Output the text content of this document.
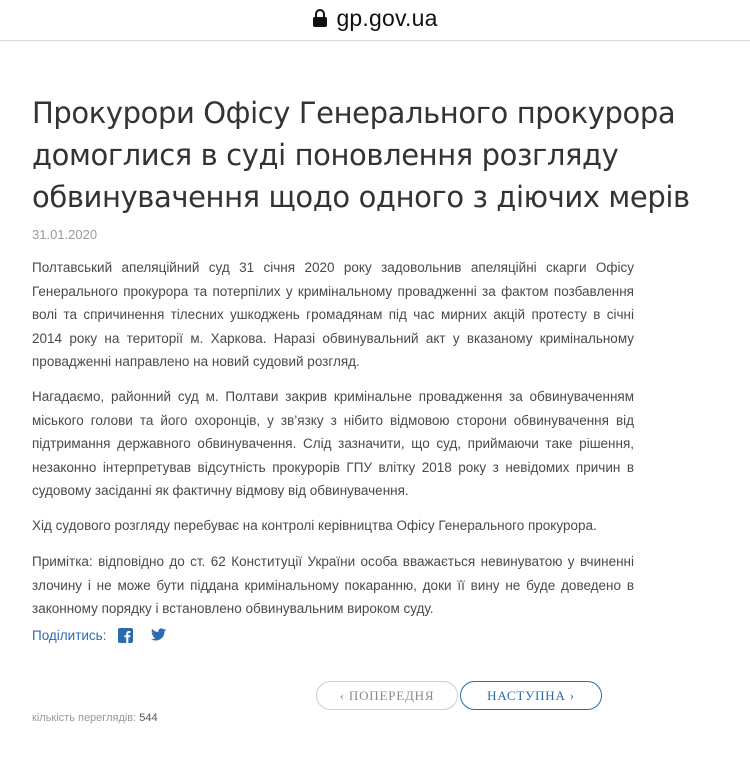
gp.gov.ua
Прокурори Офісу Генерального прокурора домоглися в суді поновлення розгляду обвинувачення щодо одного з діючих мерів
31.01.2020

Полтавський апеляційний суд 31 січня 2020 року задовольнив апеляційні скарги Офісу Генерального прокурора та потерпілих у кримінальному провадженні за фактом позбавлення волі та спричинення тілесних ушкоджень громадянам під час мирних акцій протесту в січні 2014 року на території м. Харкова. Наразі обвинувальний акт у вказаному кримінальному провадженні направлено на новий судовий розгляд.

Нагадаємо, районний суд м. Полтави закрив кримінальне провадження за обвинуваченням міського голови та його охоронців, у зв’язку з нібито відмовою сторони обвинувачення від підтримання державного обвинувачення. Слід зазначити, що суд, приймаючи таке рішення, незаконно інтерпретував відсутність прокурорів ГПУ влітку 2018 року з невідомих причин в судовому засіданні як фактичну відмову від обвинувачення.

Хід судового розгляду перебуває на контролі керівництва Офісу Генерального прокурора.

Примітка: відповідно до ст. 62 Конституції України особа вважається невинуватою у вчиненні злочину і не може бути піддана кримінальному покаранню, доки її вину не буде доведено в законному порядку і встановлено обвинувальним вироком суду.

Поділитись:
‹ ПОПЕРЕДНЯ	НАСТУПНА ›
кількість переглядів: 544
